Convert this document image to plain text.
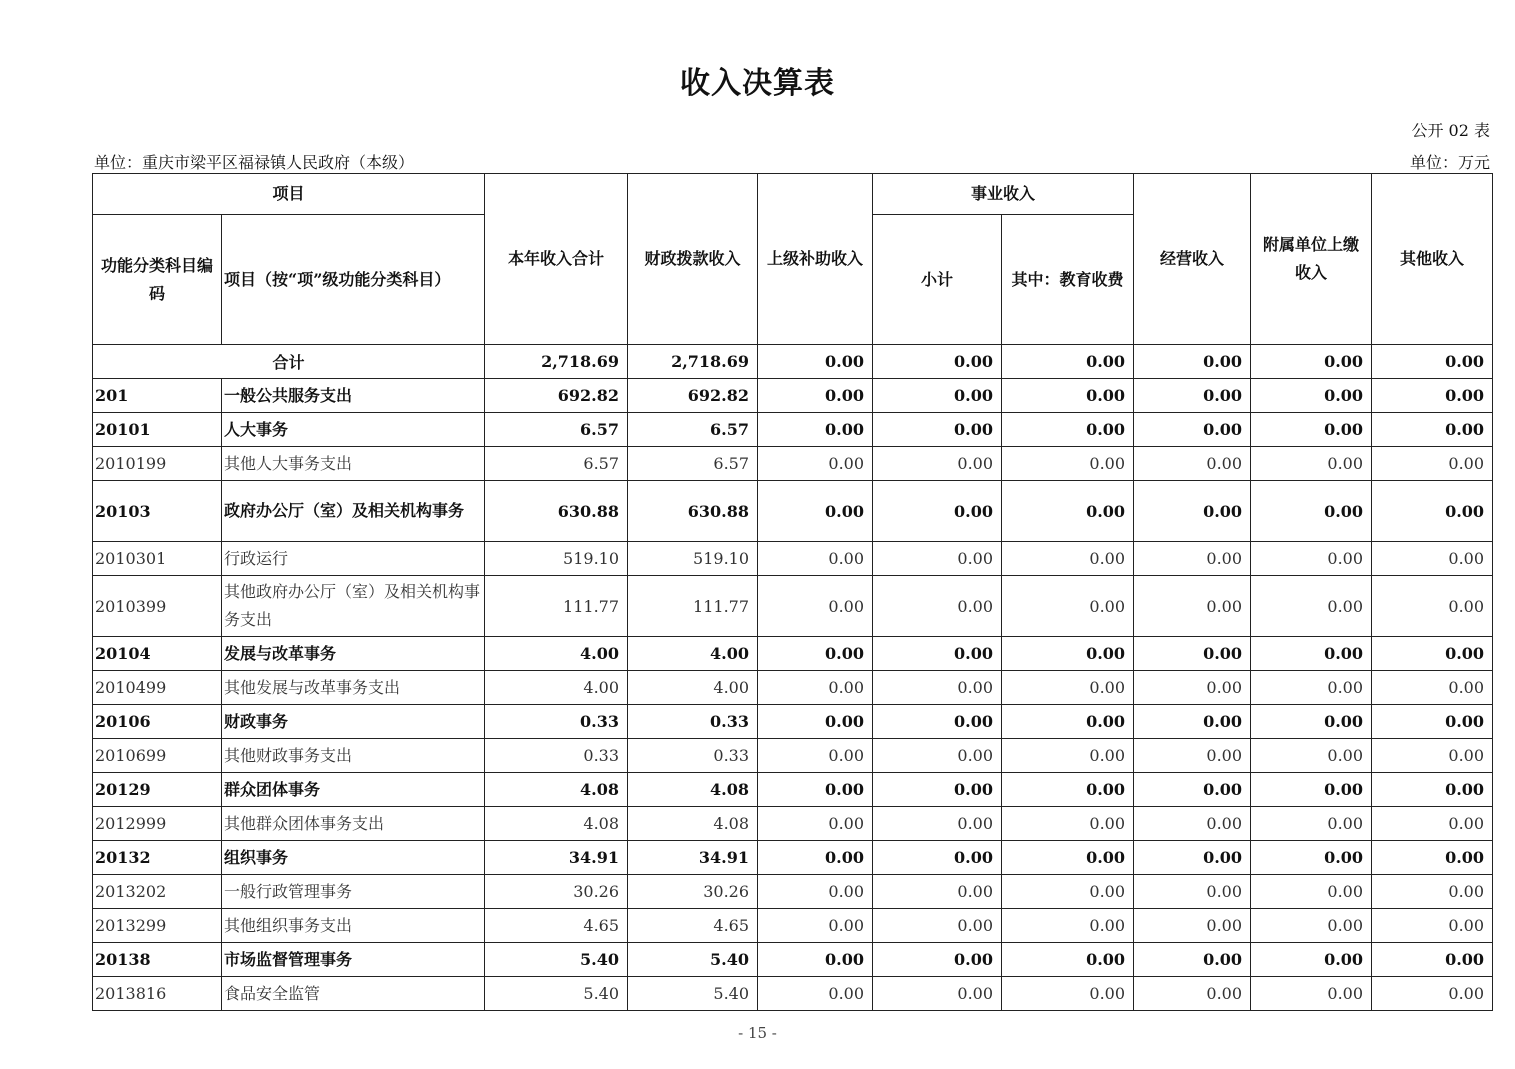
收入决算表
公开 02 表
单位：重庆市梁平区福禄镇人民政府（本级）	单位：万元
项目		本年收入合计	财政拨款收入	上级补助收入	事业收入		经营收入	附属单位上缴收入	其他收入
功能分类科目编码	项目（按“项”级功能分类科目）				小计	其中：教育收费			
合计		2,718.69	2,718.69	0.00	0.00	0.00	0.00	0.00	0.00
201	一般公共服务支出	692.82	692.82	0.00	0.00	0.00	0.00	0.00	0.00
20101	人大事务	6.57	6.57	0.00	0.00	0.00	0.00	0.00	0.00
2010199	其他人大事务支出	6.57	6.57	0.00	0.00	0.00	0.00	0.00	0.00
20103	政府办公厅（室）及相关机构事务	630.88	630.88	0.00	0.00	0.00	0.00	0.00	0.00
2010301	行政运行	519.10	519.10	0.00	0.00	0.00	0.00	0.00	0.00
2010399	其他政府办公厅（室）及相关机构事务支出	111.77	111.77	0.00	0.00	0.00	0.00	0.00	0.00
20104	发展与改革事务	4.00	4.00	0.00	0.00	0.00	0.00	0.00	0.00
2010499	其他发展与改革事务支出	4.00	4.00	0.00	0.00	0.00	0.00	0.00	0.00
20106	财政事务	0.33	0.33	0.00	0.00	0.00	0.00	0.00	0.00
2010699	其他财政事务支出	0.33	0.33	0.00	0.00	0.00	0.00	0.00	0.00
20129	群众团体事务	4.08	4.08	0.00	0.00	0.00	0.00	0.00	0.00
2012999	其他群众团体事务支出	4.08	4.08	0.00	0.00	0.00	0.00	0.00	0.00
20132	组织事务	34.91	34.91	0.00	0.00	0.00	0.00	0.00	0.00
2013202	一般行政管理事务	30.26	30.26	0.00	0.00	0.00	0.00	0.00	0.00
2013299	其他组织事务支出	4.65	4.65	0.00	0.00	0.00	0.00	0.00	0.00
20138	市场监督管理事务	5.40	5.40	0.00	0.00	0.00	0.00	0.00	0.00
2013816	食品安全监管	5.40	5.40	0.00	0.00	0.00	0.00	0.00	0.00
- 15 -
